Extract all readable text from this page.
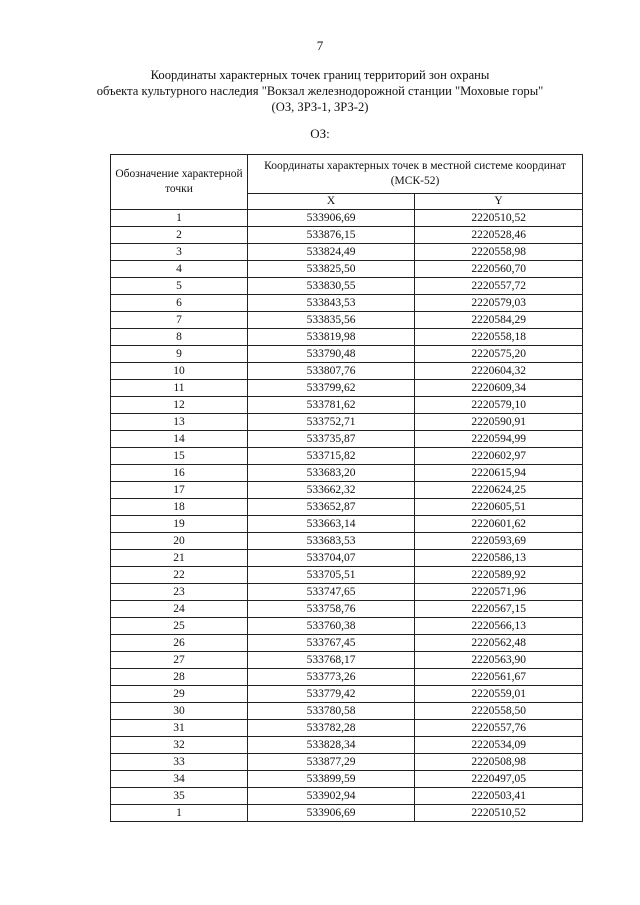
7
Координаты характерных точек границ территорий зон охраны
объекта культурного наследия "Вокзал железнодорожной станции "Моховые горы"
(ОЗ, ЗРЗ-1, ЗРЗ-2)
ОЗ:
Обозначение характерной точки	Координаты характерных точек в местной системе координат (МСК-52)	
	X	Y
1	533906,69	2220510,52
2	533876,15	2220528,46
3	533824,49	2220558,98
4	533825,50	2220560,70
5	533830,55	2220557,72
6	533843,53	2220579,03
7	533835,56	2220584,29
8	533819,98	2220558,18
9	533790,48	2220575,20
10	533807,76	2220604,32
11	533799,62	2220609,34
12	533781,62	2220579,10
13	533752,71	2220590,91
14	533735,87	2220594,99
15	533715,82	2220602,97
16	533683,20	2220615,94
17	533662,32	2220624,25
18	533652,87	2220605,51
19	533663,14	2220601,62
20	533683,53	2220593,69
21	533704,07	2220586,13
22	533705,51	2220589,92
23	533747,65	2220571,96
24	533758,76	2220567,15
25	533760,38	2220566,13
26	533767,45	2220562,48
27	533768,17	2220563,90
28	533773,26	2220561,67
29	533779,42	2220559,01
30	533780,58	2220558,50
31	533782,28	2220557,76
32	533828,34	2220534,09
33	533877,29	2220508,98
34	533899,59	2220497,05
35	533902,94	2220503,41
1	533906,69	2220510,52
